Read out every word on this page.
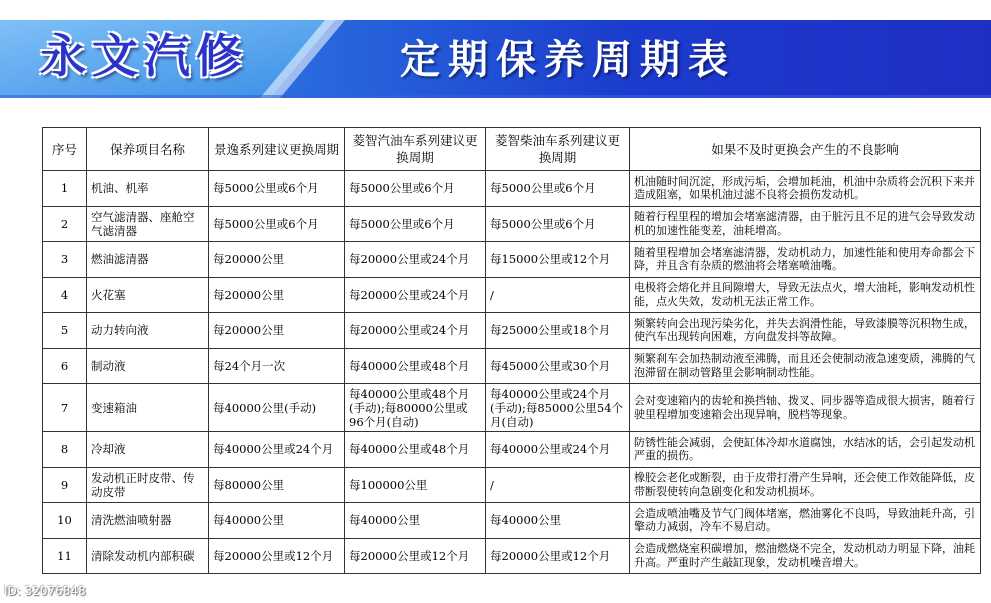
永文汽修	定期保养周期表
序号	保养项目名称	景逸系列建议更换周期	菱智汽油车系列建议更换周期	菱智柴油车系列建议更换周期	如果不及时更换会产生的不良影响
1	机油、机率	每5000公里或6个月	每5000公里或6个月	每5000公里或6个月	机油随时间沉淀，形成污垢，会增加耗油，机油中杂质将会沉积下来并造成阻塞，如果机油过滤不良将会损伤发动机。
2	空气滤清器、座舱空气滤清器	每5000公里或6个月	每5000公里或6个月	每5000公里或6个月	随着行程里程的增加会堵塞滤清器，由于脏污且不足的进气会导致发动机的加速性能变差，油耗增高。
3	燃油滤清器	每20000公里	每20000公里或24个月	每15000公里或12个月	随着里程增加会堵塞滤清器，发动机动力，加速性能和使用寿命都会下降，并且含有杂质的燃油将会堵塞喷油嘴。
4	火花塞	每20000公里	每20000公里或24个月	/	电极将会熔化并且间隙增大，导致无法点火，增大油耗，影响发动机性能，点火失效，发动机无法正常工作。
5	动力转向液	每20000公里	每20000公里或24个月	每25000公里或18个月	频繁转向会出现污染劣化，并失去润滑性能，导致漆膜等沉积物生成，使汽车出现转向困难，方向盘发抖等故障。
6	制动液	每24个月一次	每40000公里或48个月	每45000公里或30个月	频繁刹车会加热制动液至沸腾，而且还会使制动液急速变质，沸腾的气泡滞留在制动管路里会影响制动性能。
7	变速箱油	每40000公里(手动)	每40000公里或48个月(手动);每80000公里或96个月(自动)	每40000公里或24个月(手动);每85000公里54个月(自动)	会对变速箱内的齿轮和换挡轴、拨叉、同步器等造成很大损害，随着行驶里程增加变速箱会出现异响，脱档等现象。
8	冷却液	每40000公里或24个月	每40000公里或48个月	每40000公里或24个月	防锈性能会减弱，会使缸体冷却水道腐蚀，水结冰的话，会引起发动机严重的损伤。
9	发动机正时皮带、传动皮带	每80000公里	每100000公里	/	橡胶会老化或断裂，由于皮带打滑产生异响，还会使工作效能降低，皮带断裂使转向急剧变化和发动机损坏。
10	清洗燃油喷射器	每40000公里	每40000公里	每40000公里	会造成喷油嘴及节气门阀体堵塞，燃油雾化不良吗，导致油耗升高，引擎动力减弱，冷车不易启动。
11	清除发动机内部积碳	每20000公里或12个月	每20000公里或12个月	每20000公里或12个月	会造成燃烧室积碳增加，燃油燃烧不完全，发动机动力明显下降，油耗升高。严重时产生敲缸现象，发动机噪音增大。
ID: 32076848
